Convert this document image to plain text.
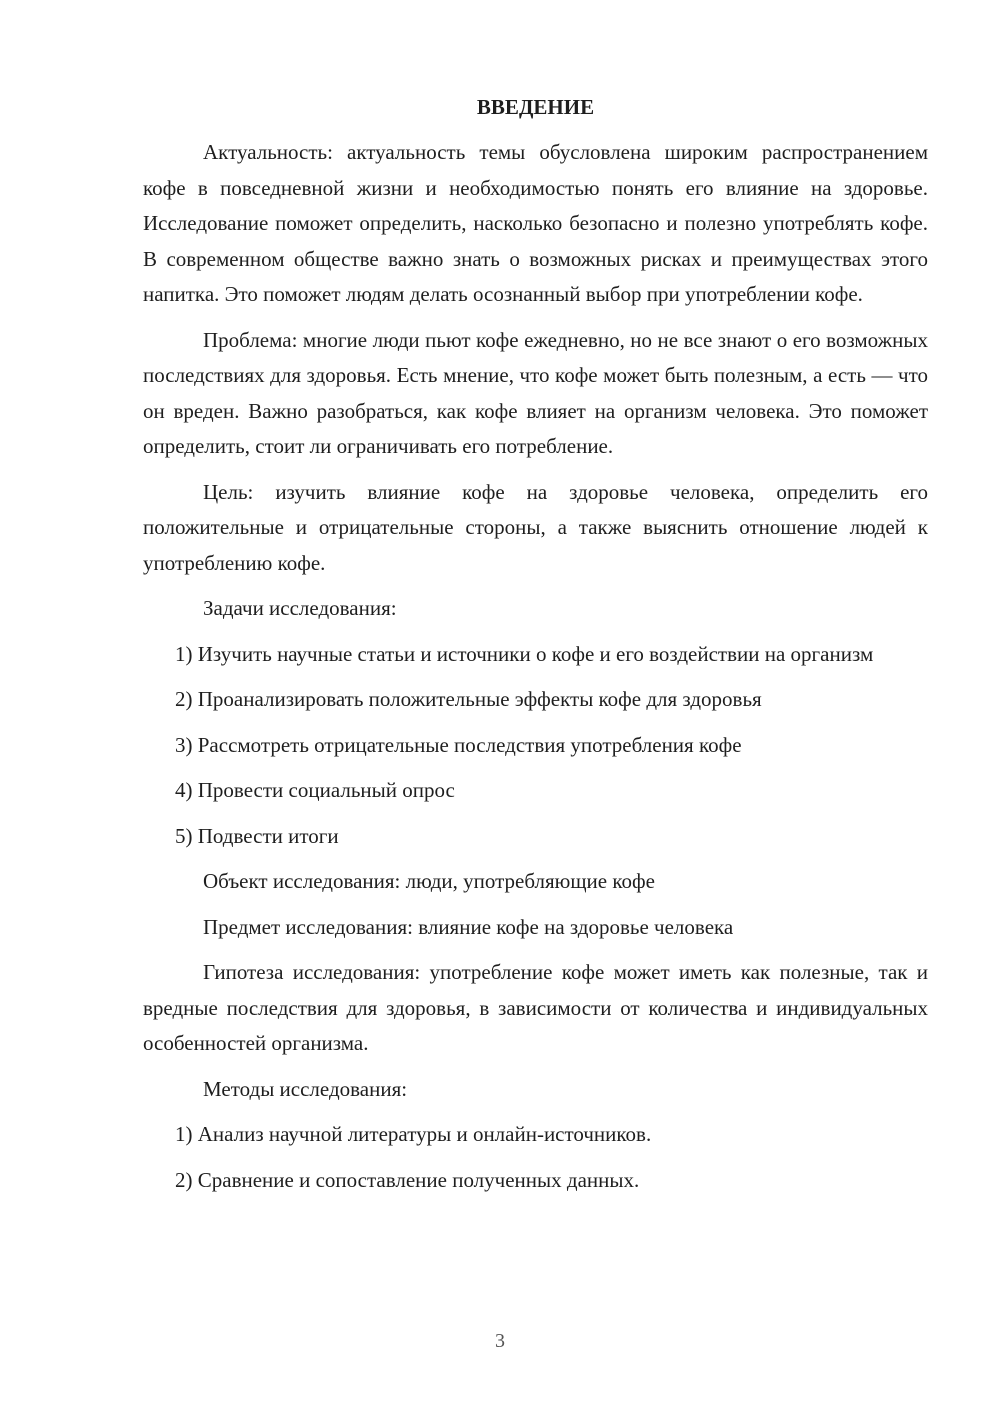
ВВЕДЕНИЕ

Актуальность: актуальность темы обусловлена широким распространением кофе в повседневной жизни и необходимостью понять его влияние на здоровье. Исследование поможет определить, насколько безопасно и полезно употреблять кофе. В современном обществе важно знать о возможных рисках и преимуществах этого напитка. Это поможет людям делать осознанный выбор при употреблении кофе.

Проблема: многие люди пьют кофе ежедневно, но не все знают о его возможных последствиях для здоровья. Есть мнение, что кофе может быть полезным, а есть — что он вреден. Важно разобраться, как кофе влияет на организм человека. Это поможет определить, стоит ли ограничивать его потребление.

Цель: изучить влияние кофе на здоровье человека, определить его положительные и отрицательные стороны, а также выяснить отношение людей к употреблению кофе.

Задачи исследования:

1) Изучить научные статьи и источники о кофе и его воздействии на организм

2) Проанализировать положительные эффекты кофе для здоровья

3) Рассмотреть отрицательные последствия употребления кофе

4) Провести социальный опрос

5) Подвести итоги

Объект исследования: люди, употребляющие кофе

Предмет исследования: влияние кофе на здоровье человека

Гипотеза исследования: употребление кофе может иметь как полезные, так и вредные последствия для здоровья, в зависимости от количества и индивидуальных особенностей организма.

Методы исследования:

1) Анализ научной литературы и онлайн-источников.

2) Сравнение и сопоставление полученных данных.

3
